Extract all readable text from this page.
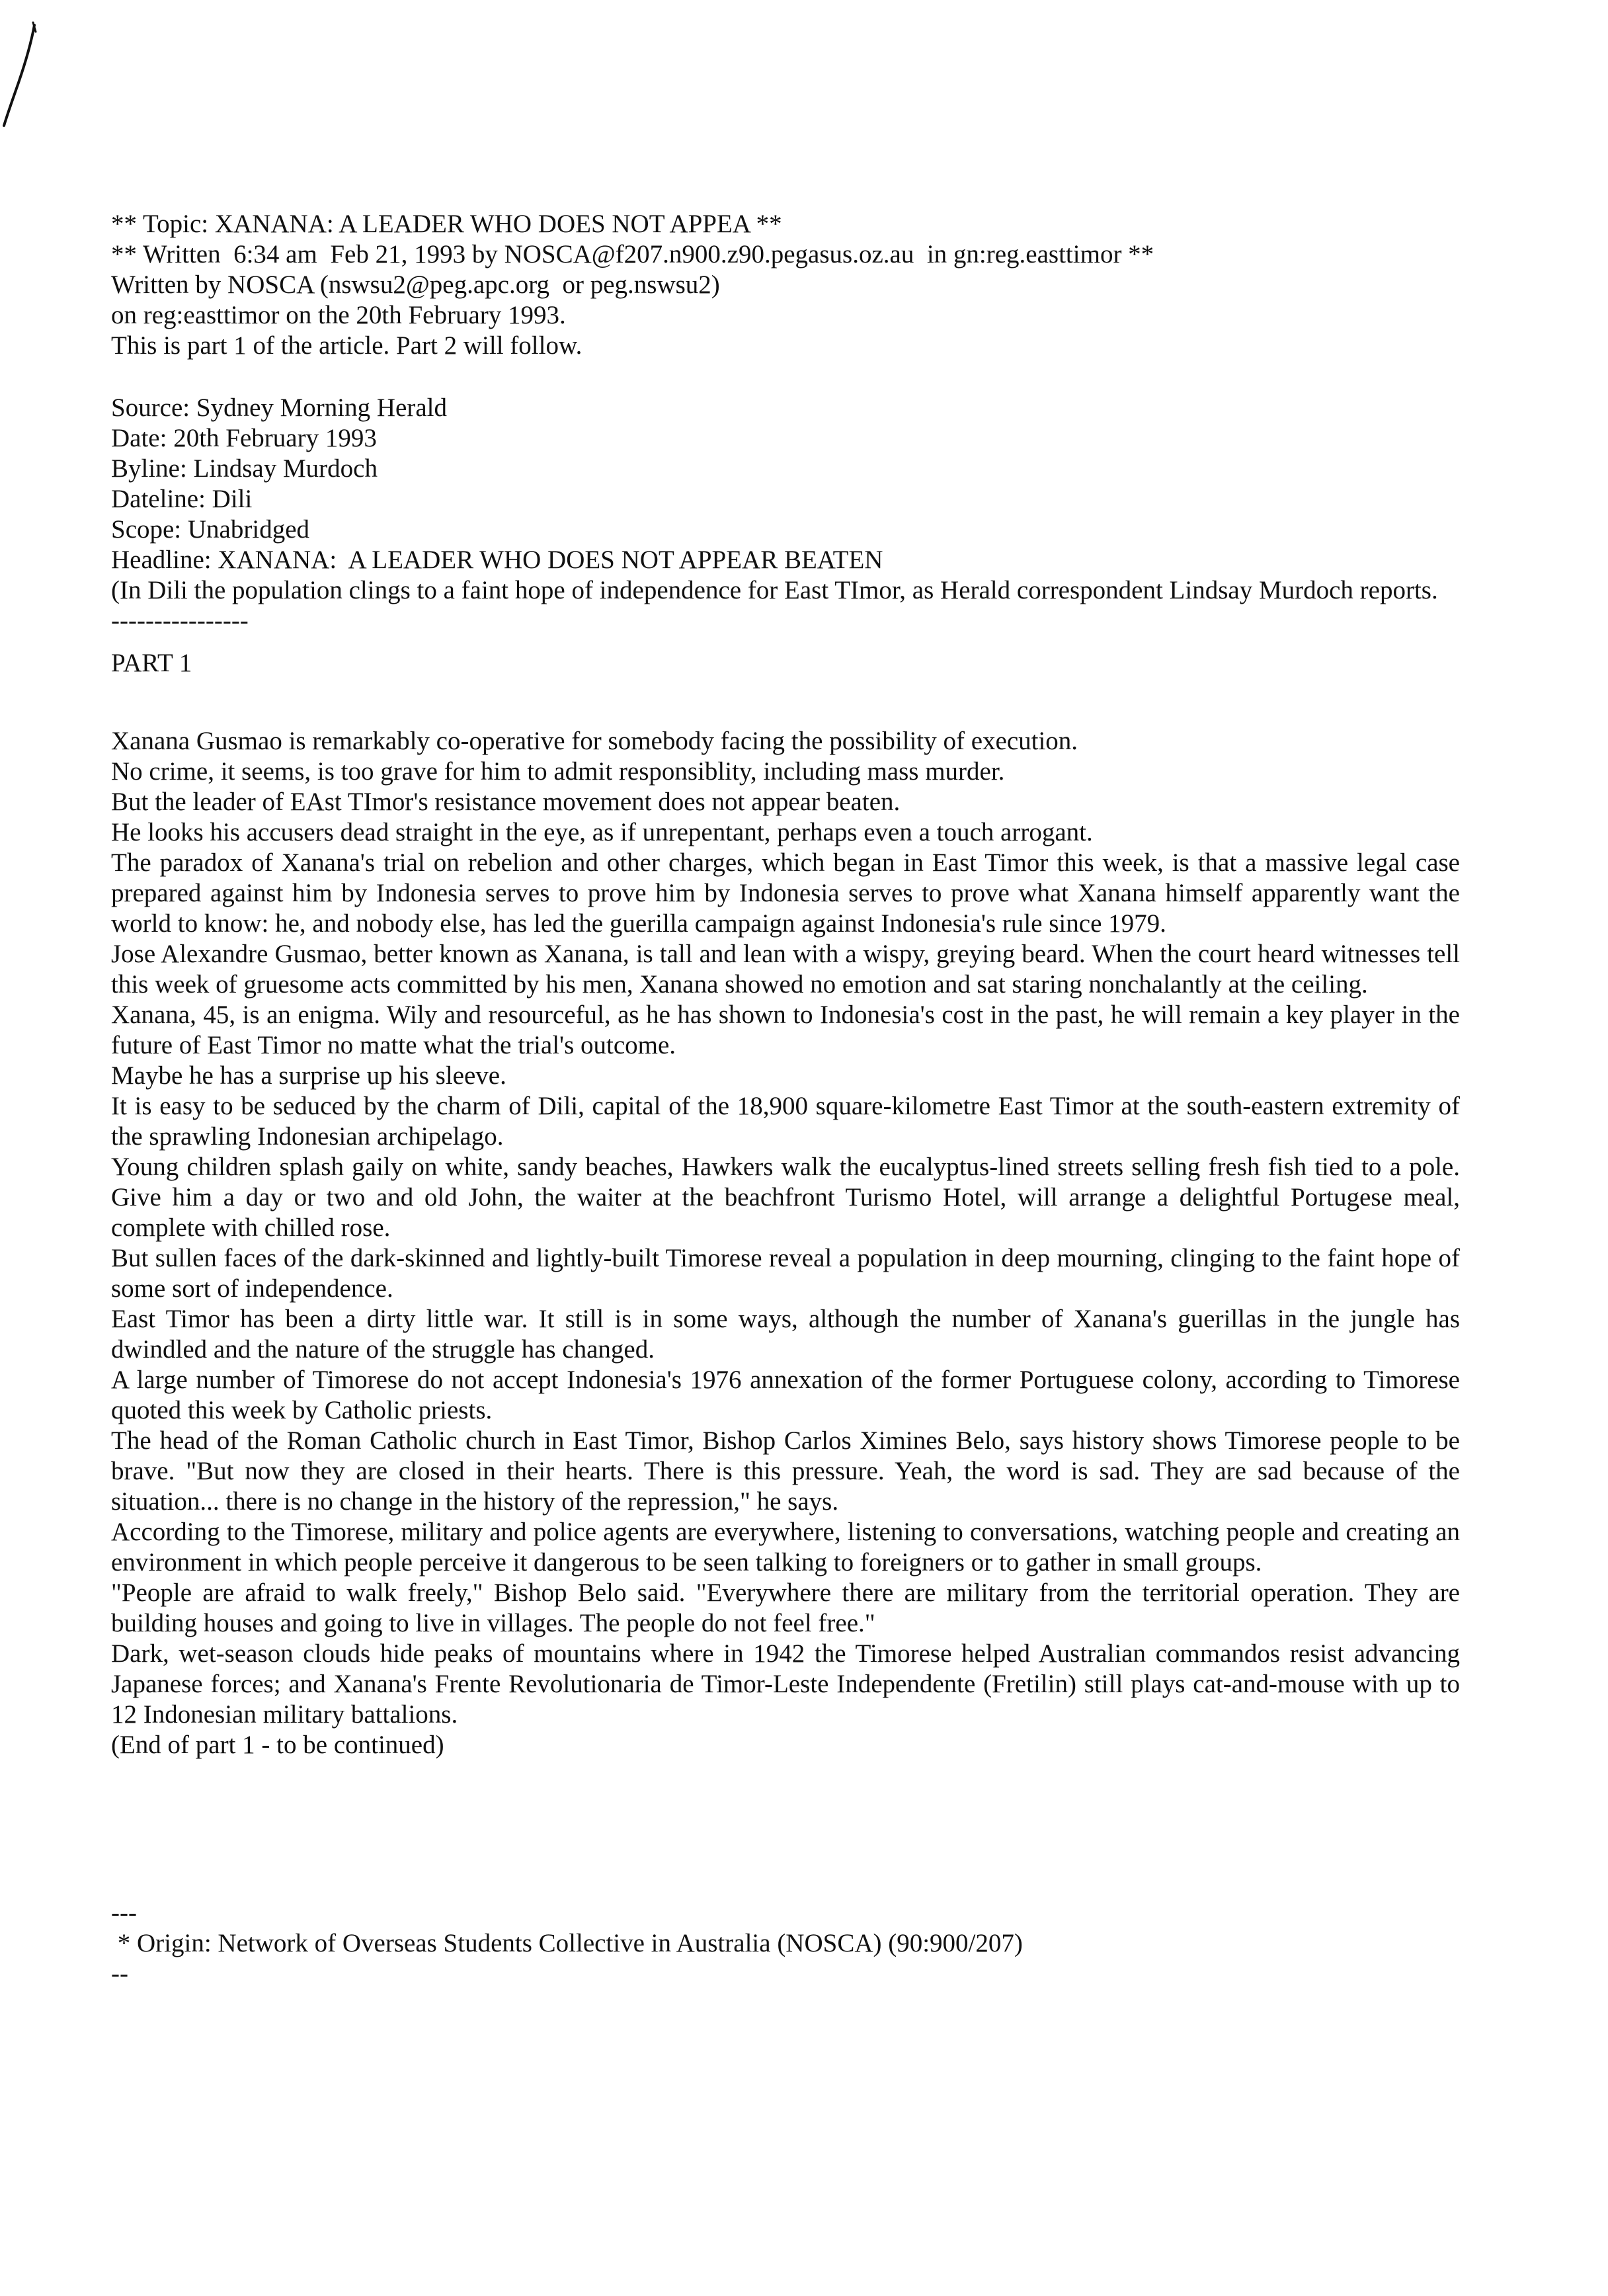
** Topic: XANANA: A LEADER WHO DOES NOT APPEA **
** Written  6:34 am  Feb 21, 1993 by NOSCA@f207.n900.z90.pegasus.oz.au  in gn:reg.easttimor **
Written by NOSCA (nswsu2@peg.apc.org  or peg.nswsu2)
on reg:easttimor on the 20th February 1993.
This is part 1 of the article. Part 2 will follow.
Source: Sydney Morning Herald
Date: 20th February 1993
Byline: Lindsay Murdoch
Dateline: Dili
Scope: Unabridged
Headline: XANANA:  A LEADER WHO DOES NOT APPEAR BEATEN
(In Dili the population clings to a faint hope of independence for East TImor, as Herald correspondent Lindsay Murdoch reports.
----------------
PART 1
Xanana Gusmao is remarkably co-operative for somebody facing the possibility of execution.
No crime, it seems, is too grave for him to admit responsiblity, including mass murder.
But the leader of EAst TImor's resistance movement does not appear beaten.
He looks his accusers dead straight in the eye, as if unrepentant, perhaps even a touch arrogant.
The paradox of Xanana's trial on rebelion and other charges, which began in East Timor this week, is that a massive legal case prepared against him by Indonesia serves to prove him by Indonesia serves to prove what Xanana himself apparently want the world to know: he, and nobody else, has led the guerilla campaign against Indonesia's rule since 1979.
Jose Alexandre Gusmao, better known as Xanana, is tall and lean with a wispy, greying beard. When the court heard witnesses tell this week of gruesome acts committed by his men, Xanana showed no emotion and sat staring nonchalantly at the ceiling.
Xanana, 45, is an enigma. Wily and resourceful, as he has shown to Indonesia's cost in the past, he will remain a key player in the future of East Timor no matte what the trial's outcome.
Maybe he has a surprise up his sleeve.
It is easy to be seduced by the charm of Dili, capital of the 18,900 square-kilometre East Timor at the south-eastern extremity of the sprawling Indonesian archipelago.
Young children splash gaily on white, sandy beaches, Hawkers walk the eucalyptus-lined streets selling fresh fish tied to a pole. Give him a day or two and old John, the waiter at the beachfront Turismo Hotel, will arrange a delightful Portugese meal, complete with chilled rose.
But sullen faces of the dark-skinned and lightly-built Timorese reveal a population in deep mourning, clinging to the faint hope of some sort of independence.
East Timor has been a dirty little war. It still is in some ways, although the number of Xanana's guerillas in the jungle has dwindled and the nature of the struggle has changed.
A large number of Timorese do not accept Indonesia's 1976 annexation of the former Portuguese colony, according to Timorese quoted this week by Catholic priests.
The head of the Roman Catholic church in East Timor, Bishop Carlos Ximines Belo, says history shows Timorese people to be brave. "But now they are closed in their hearts. There is this pressure. Yeah, the word is sad. They are sad because of the situation... there is no change in the history of the repression," he says.
According to the Timorese, military and police agents are everywhere, listening to conversations, watching people and creating an environment in which people perceive it dangerous to be seen talking to foreigners or to gather in small groups.
"People are afraid to walk freely," Bishop Belo said. "Everywhere there are military from the territorial operation. They are building houses and going to live in villages. The people do not feel free."
Dark, wet-season clouds hide peaks of mountains where in 1942 the Timorese helped Australian commandos resist advancing Japanese forces; and Xanana's Frente Revolutionaria de Timor-Leste Independente (Fretilin) still plays cat-and-mouse with up to 12 Indonesian military battalions.
(End of part 1 - to be continued)
---
* Origin: Network of Overseas Students Collective in Australia (NOSCA) (90:900/207)
--
